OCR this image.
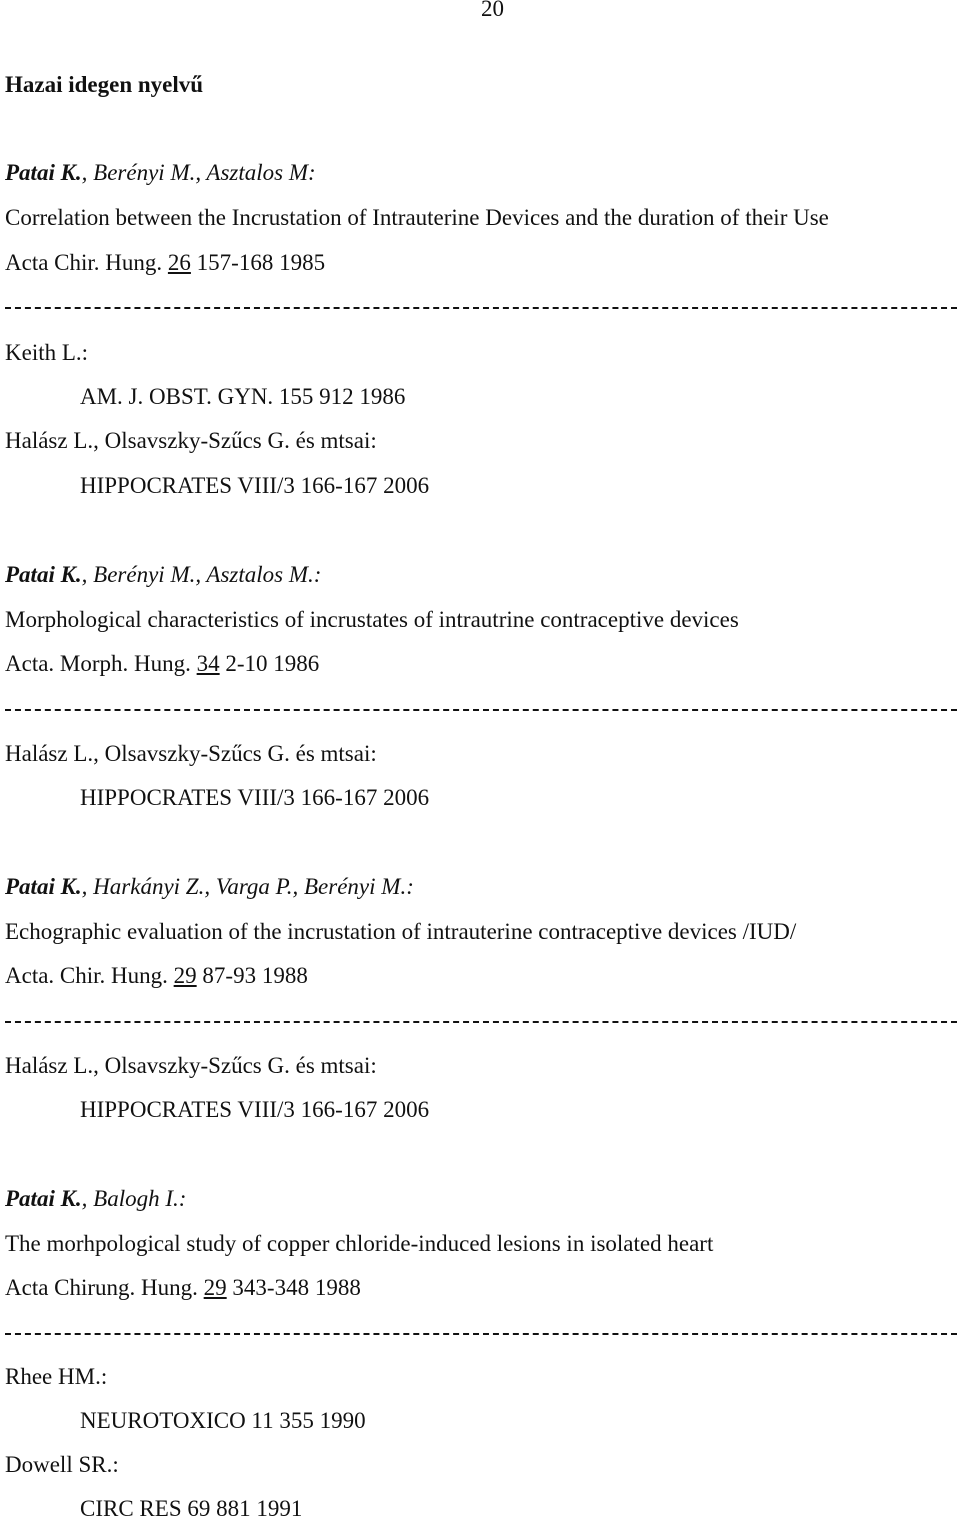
20
Hazai idegen nyelvű
Patai K., Berényi M., Asztalos M:
Correlation between the Incrustation of Intrauterine Devices and the duration of their Use
Acta Chir. Hung. 26 157-168 1985
Keith L.:
AM. J. OBST. GYN. 155 912 1986
Halász L., Olsavszky-Szűcs G. és mtsai:
HIPPOCRATES VIII/3 166-167 2006
Patai K., Berényi M., Asztalos M.:
Morphological characteristics of incrustates of intrautrine contraceptive devices
Acta. Morph. Hung. 34 2-10 1986
Halász L., Olsavszky-Szűcs G. és mtsai:
HIPPOCRATES VIII/3 166-167 2006
Patai K., Harkányi Z., Varga P., Berényi M.:
Echographic evaluation of the incrustation of intrauterine contraceptive devices /IUD/
Acta. Chir. Hung. 29 87-93 1988
Halász L., Olsavszky-Szűcs G. és mtsai:
HIPPOCRATES VIII/3 166-167 2006
Patai K., Balogh I.:
The morhpological study of copper chloride-induced lesions in isolated heart
Acta Chirung. Hung. 29 343-348 1988
Rhee HM.:
NEUROTOXICO 11 355 1990
Dowell SR.:
CIRC RES 69 881 1991
